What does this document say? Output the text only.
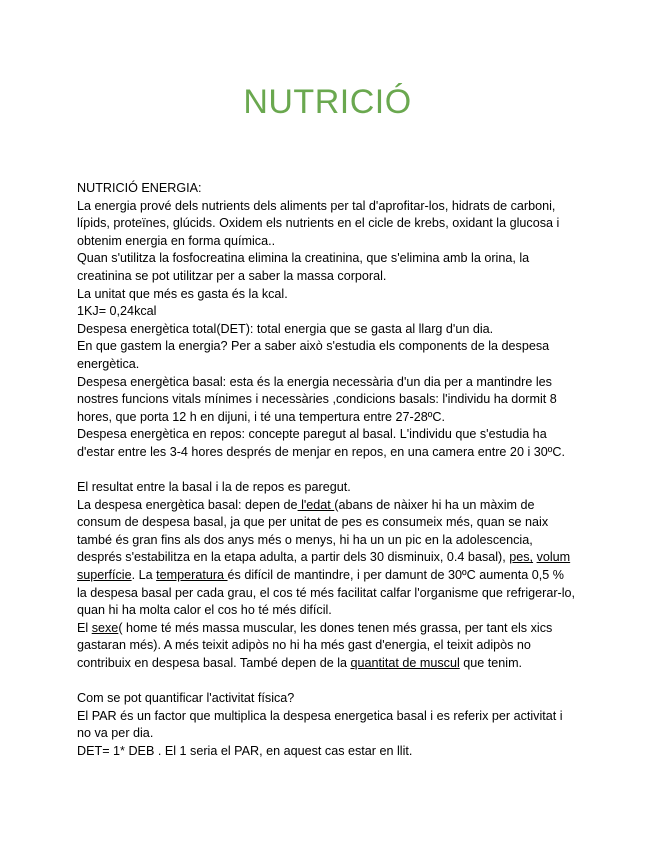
NUTRICIÓ

NUTRICIÓ ENERGIA:

La energia prové dels nutrients dels aliments per tal d'aprofitar-los, hidrats de carboni, lípids, proteïnes, glúcids. Oxidem els nutrients en el cicle de krebs, oxidant la glucosa i obtenim energia en forma química..

Quan s'utilitza la fosfocreatina elimina la creatinina, que s'elimina amb la orina, la creatinina se pot utilitzar per a saber la massa corporal.

La unitat que més es gasta és la kcal.

1KJ= 0,24kcal

Despesa energètica total(DET): total energia que se gasta al llarg d'un dia.

En que gastem la energia? Per a saber això s'estudia els components de la despesa energètica.

Despesa energètica basal: esta és la energia necessària d'un dia per a mantindre les nostres funcions vitals mínimes i necessàries ,condicions basals: l'individu ha dormit 8 hores, que porta 12 h en dijuni, i té una tempertura entre 27-28ºC.

Despesa energètica en repos: concepte paregut al basal. L'individu que s'estudia ha d'estar entre les 3-4 hores després de menjar en repos, en una camera entre 20 i 30ºC.

El resultat entre la basal i la de repos es paregut.

La despesa energètica basal: depen de l'edat (abans de nàixer hi ha un màxim de consum de despesa basal, ja que per unitat de pes es consumeix més, quan se naix també és gran fins als dos anys més o menys, hi ha un un pic en la adolescencia, després s'estabilitza en la etapa adulta, a partir dels 30 disminuix, 0.4 basal), pes, volum superfície. La temperatura és difícil de mantindre, i per damunt de 30ºC aumenta 0,5 % la despesa basal per cada grau, el cos té més facilitat calfar l'organisme que refrigerar-lo, quan hi ha molta calor el cos ho té més difícil.

El sexe( home té més massa muscular, les dones tenen més grassa, per tant els xics gastaran més). A més teixit adipòs no hi ha més gast d'energia, el teixit adipòs no contribuix en despesa basal. També depen de la quantitat de muscul que tenim.

Com se pot quantificar l'activitat física?

El PAR és un factor que multiplica la despesa energetica basal i es referix per activitat i no va per dia.

DET= 1* DEB . El 1 seria el PAR, en aquest cas estar en llit.
